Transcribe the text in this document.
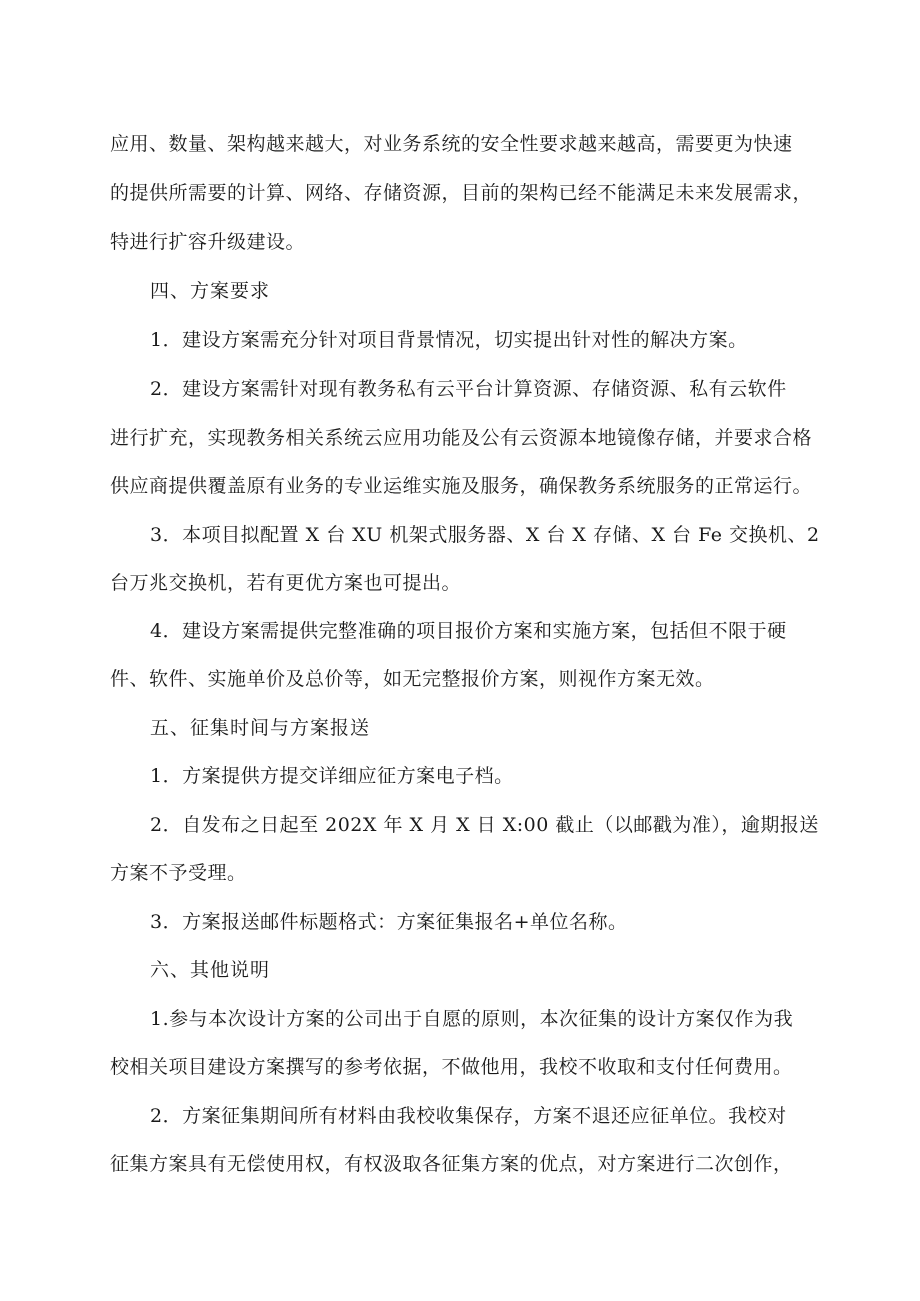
应用、数量、架构越来越大，对业务系统的安全性要求越来越高，需要更为快速
的提供所需要的计算、网络、存储资源，目前的架构已经不能满足未来发展需求，
特进行扩容升级建设。
四、方案要求
1．建设方案需充分针对项目背景情况，切实提出针对性的解决方案。
2．建设方案需针对现有教务私有云平台计算资源、存储资源、私有云软件
进行扩充，实现教务相关系统云应用功能及公有云资源本地镜像存储，并要求合格
供应商提供覆盖原有业务的专业运维实施及服务，确保教务系统服务的正常运行。
3．本项目拟配置 X 台 XU 机架式服务器、X 台 X 存储、X 台 Fe 交换机、2
台万兆交换机，若有更优方案也可提出。
4．建设方案需提供完整准确的项目报价方案和实施方案，包括但不限于硬
件、软件、实施单价及总价等，如无完整报价方案，则视作方案无效。
五、征集时间与方案报送
1．方案提供方提交详细应征方案电子档。
2．自发布之日起至 202X 年 X 月 X 日 X:00 截止（以邮戳为准），逾期报送
方案不予受理。
3．方案报送邮件标题格式：方案征集报名+单位名称。
六、其他说明
1.参与本次设计方案的公司出于自愿的原则，本次征集的设计方案仅作为我
校相关项目建设方案撰写的参考依据，不做他用，我校不收取和支付任何费用。
2．方案征集期间所有材料由我校收集保存，方案不退还应征单位。我校对
征集方案具有无偿使用权，有权汲取各征集方案的优点，对方案进行二次创作，
